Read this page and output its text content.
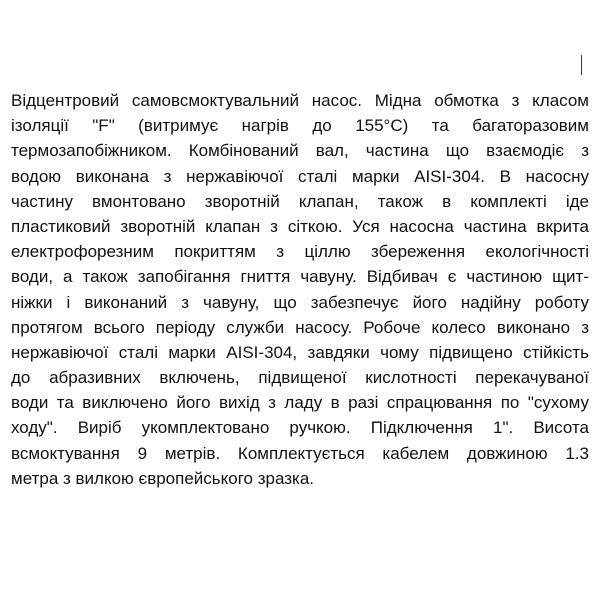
Відцентровий самовсмоктувальний насос. Мідна обмотка з класом
ізоляції "F" (витримує нагрів до 155°C) та багаторазовим
термозапобіжником. Комбінований вал, частина що взаємодіє з
водою виконана з нержавіючої сталі марки AISI-304. В насосну
частину вмонтовано зворотній клапан, також в комплекті іде
пластиковий зворотній клапан з сіткою. Уся насосна частина вкрита
електрофорезним покриттям з ціллю збереження екологічності
води, а також запобігання гниття чавуну. Відбивач є частиною щит-
ніжки і виконаний з чавуну, що забезпечує його надійну роботу
протягом всього періоду служби насосу. Робоче колесо виконано з
нержавіючої сталі марки AISI-304, завдяки чому підвищено стійкість
до абразивних включень, підвищеної кислотності перекачуваної
води та виключено його вихід з ладу в разі спрацювання по "сухому
ходу". Виріб укомплектовано ручкою. Підключення 1". Висота
всмоктування 9 метрів. Комплектується кабелем довжиною 1.3
метра з вилкою європейського зразка.
